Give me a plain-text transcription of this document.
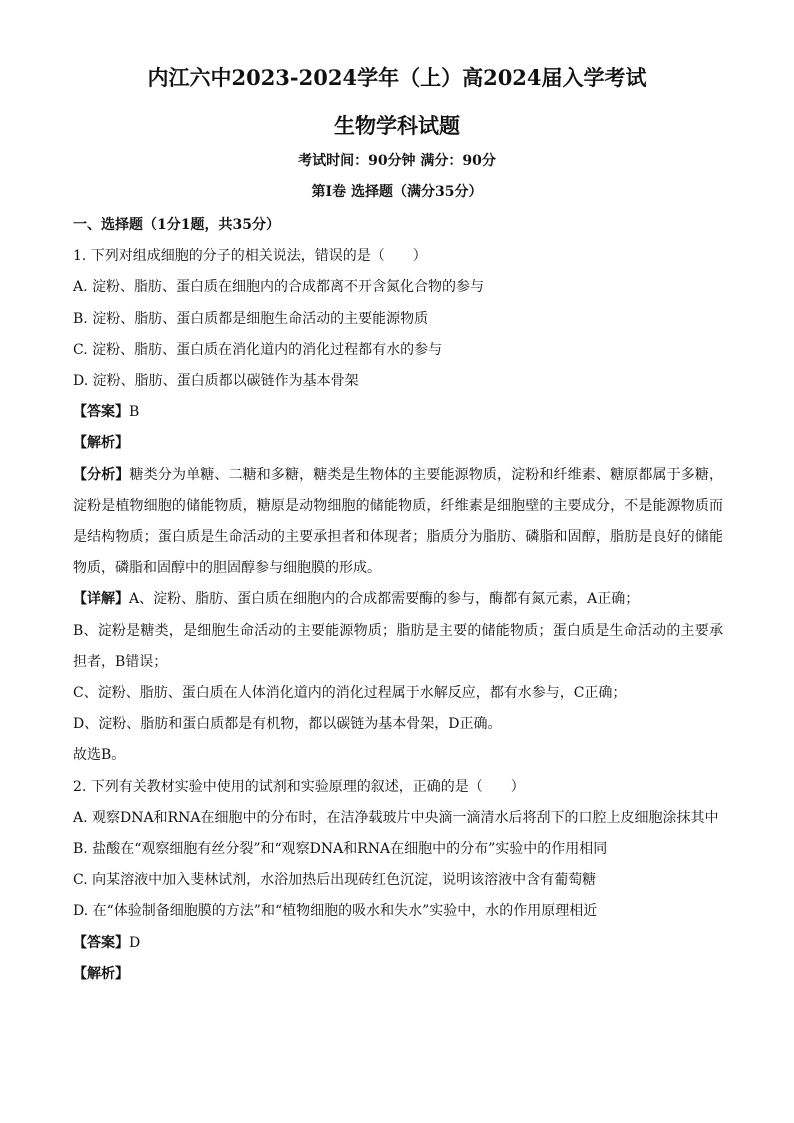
内江六中2023-2024学年（上）高2024届入学考试
生物学科试题
考试时间：90分钟 满分：90分
第I卷 选择题（满分35分）
一、选择题（1分1题，共35分）
1. 下列对组成细胞的分子的相关说法，错误的是（　　）
A. 淀粉、脂肪、蛋白质在细胞内的合成都离不开含氮化合物的参与
B. 淀粉、脂肪、蛋白质都是细胞生命活动的主要能源物质
C. 淀粉、脂肪、蛋白质在消化道内的消化过程都有水的参与
D. 淀粉、脂肪、蛋白质都以碳链作为基本骨架
【答案】B
【解析】
【分析】糖类分为单糖、二糖和多糖，糖类是生物体的主要能源物质，淀粉和纤维素、糖原都属于多糖，淀粉是植物细胞的储能物质，糖原是动物细胞的储能物质，纤维素是细胞壁的主要成分，不是能源物质而是结构物质；蛋白质是生命活动的主要承担者和体现者；脂质分为脂肪、磷脂和固醇，脂肪是良好的储能物质，磷脂和固醇中的胆固醇参与细胞膜的形成。
【详解】A、淀粉、脂肪、蛋白质在细胞内的合成都需要酶的参与，酶都有氮元素，A正确；
B、淀粉是糖类，是细胞生命活动的主要能源物质；脂肪是主要的储能物质；蛋白质是生命活动的主要承担者，B错误；
C、淀粉、脂肪、蛋白质在人体消化道内的消化过程属于水解反应，都有水参与，C正确；
D、淀粉、脂肪和蛋白质都是有机物，都以碳链为基本骨架，D正确。
故选B。
2. 下列有关教材实验中使用的试剂和实验原理的叙述，正确的是（　　）
A. 观察DNA和RNA在细胞中的分布时，在洁净载玻片中央滴一滴清水后将刮下的口腔上皮细胞涂抹其中
B. 盐酸在“观察细胞有丝分裂”和“观察DNA和RNA在细胞中的分布”实验中的作用相同
C. 向某溶液中加入斐林试剂，水浴加热后出现砖红色沉淀，说明该溶液中含有葡萄糖
D. 在“体验制备细胞膜的方法”和“植物细胞的吸水和失水”实验中，水的作用原理相近
【答案】D
【解析】
